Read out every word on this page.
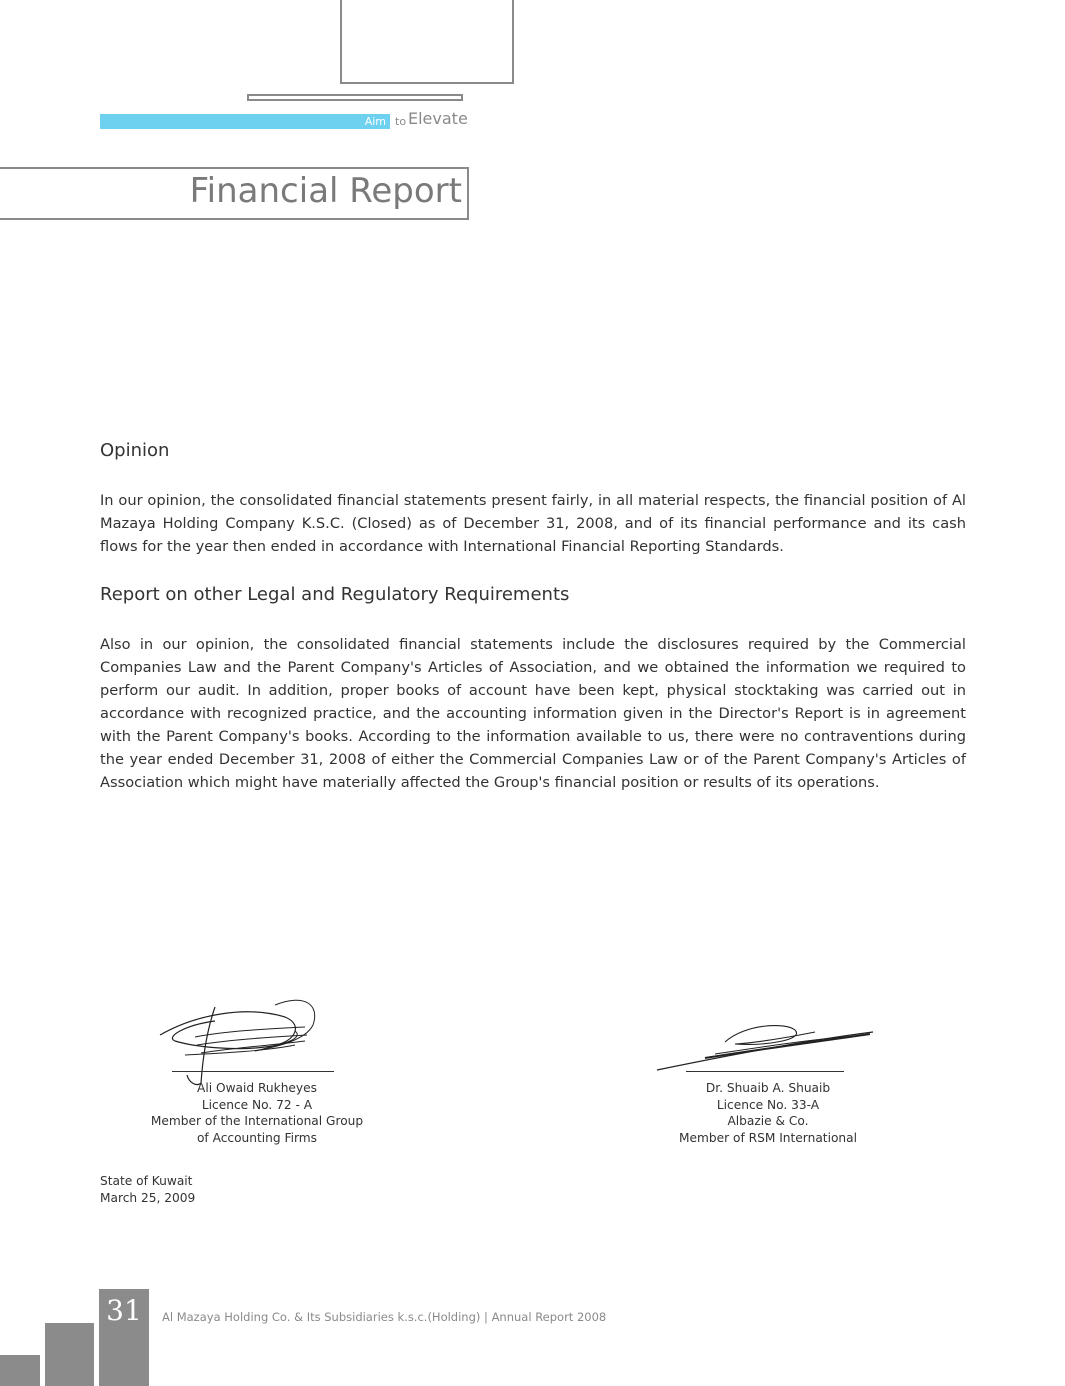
Aim to Elevate
Financial Report
Opinion
In our opinion, the consolidated financial statements present fairly, in all material respects, the financial position of Al Mazaya Holding Company K.S.C. (Closed) as of December 31, 2008, and of its financial performance and its cash flows for the year then ended in accordance with International Financial Reporting Standards.
Report on other Legal and Regulatory Requirements
Also in our opinion, the consolidated financial statements include the disclosures required by the Commercial Companies Law and the Parent Company's Articles of Association, and we obtained the information we required to perform our audit. In addition, proper books of account have been kept, physical stocktaking was carried out in accordance with recognized practice, and the accounting information given in the Director's Report is in agreement with the Parent Company's books. According to the information available to us, there were no contraventions during the year ended December 31, 2008 of either the Commercial Companies Law or of the Parent Company's Articles of Association which might have materially affected the Group's financial position or results of its operations.
Ali Owaid Rukheyes
Licence No. 72 - A
Member of the International Group
of Accounting Firms
Dr. Shuaib A. Shuaib
Licence No. 33-A
Albazie & Co.
Member of RSM International
State of Kuwait
March 25, 2009
31	Al Mazaya Holding Co. & Its Subsidiaries k.s.c.(Holding) | Annual Report 2008
